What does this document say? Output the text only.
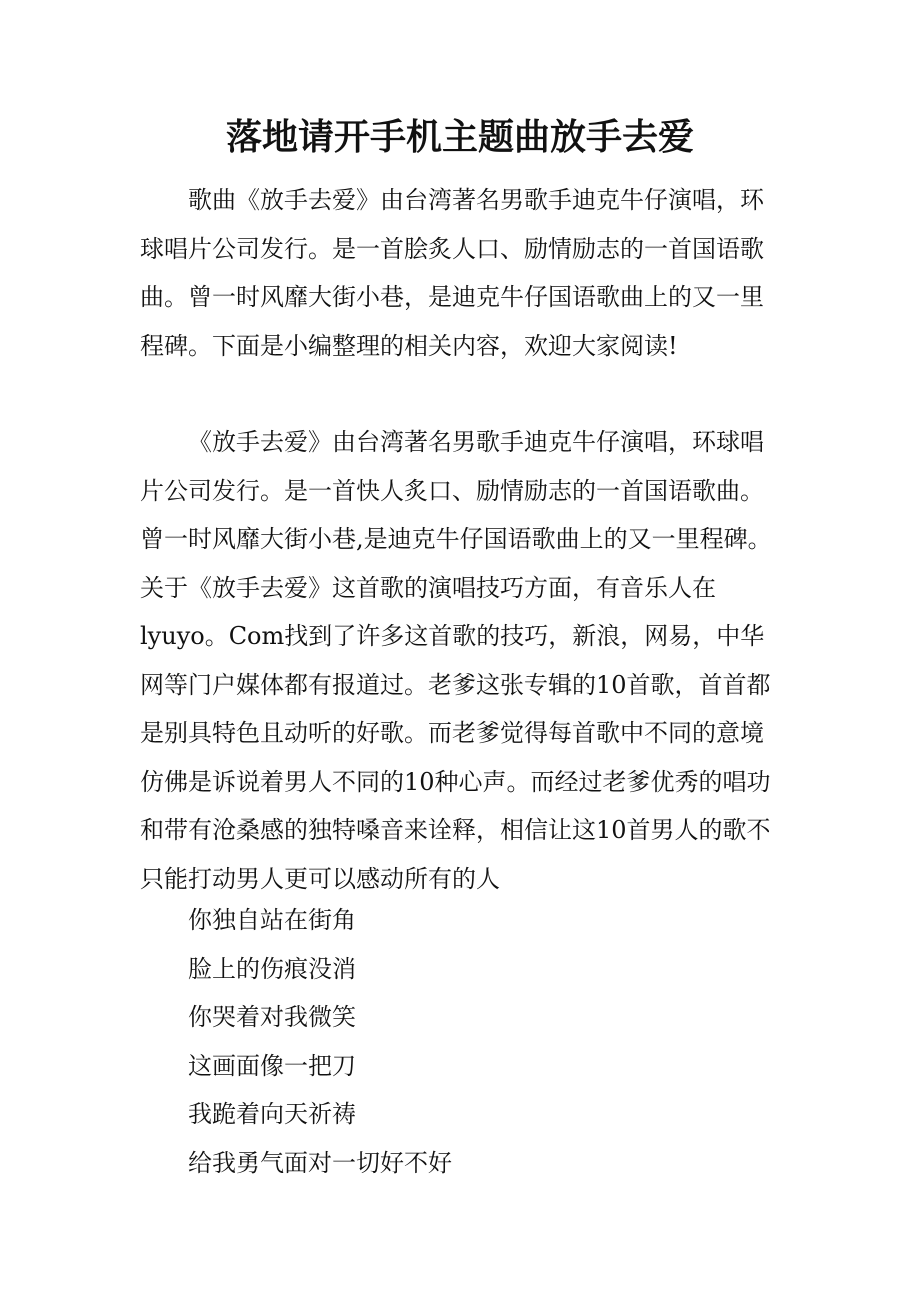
落地请开手机主题曲放手去爱

歌曲《放手去爱》由台湾著名男歌手迪克牛仔演唱，环球唱片公司发行。是一首脍炙人口、励情励志的一首国语歌曲。曾一时风靡大街小巷，是迪克牛仔国语歌曲上的又一里程碑。下面是小编整理的相关内容，欢迎大家阅读!

《放手去爱》由台湾著名男歌手迪克牛仔演唱，环球唱片公司发行。是一首快人炙口、励情励志的一首国语歌曲。曾一时风靡大街小巷,是迪克牛仔国语歌曲上的又一里程碑。关于《放手去爱》这首歌的演唱技巧方面，有音乐人在lyuyo。Com找到了许多这首歌的技巧，新浪，网易，中华网等门户媒体都有报道过。老爹这张专辑的10首歌，首首都是别具特色且动听的好歌。而老爹觉得每首歌中不同的意境仿佛是诉说着男人不同的10种心声。而经过老爹优秀的唱功和带有沧桑感的独特嗓音来诠释，相信让这10首男人的歌不只能打动男人更可以感动所有的人

你独自站在街角

脸上的伤痕没消

你哭着对我微笑

这画面像一把刀

我跪着向天祈祷

给我勇气面对一切好不好
